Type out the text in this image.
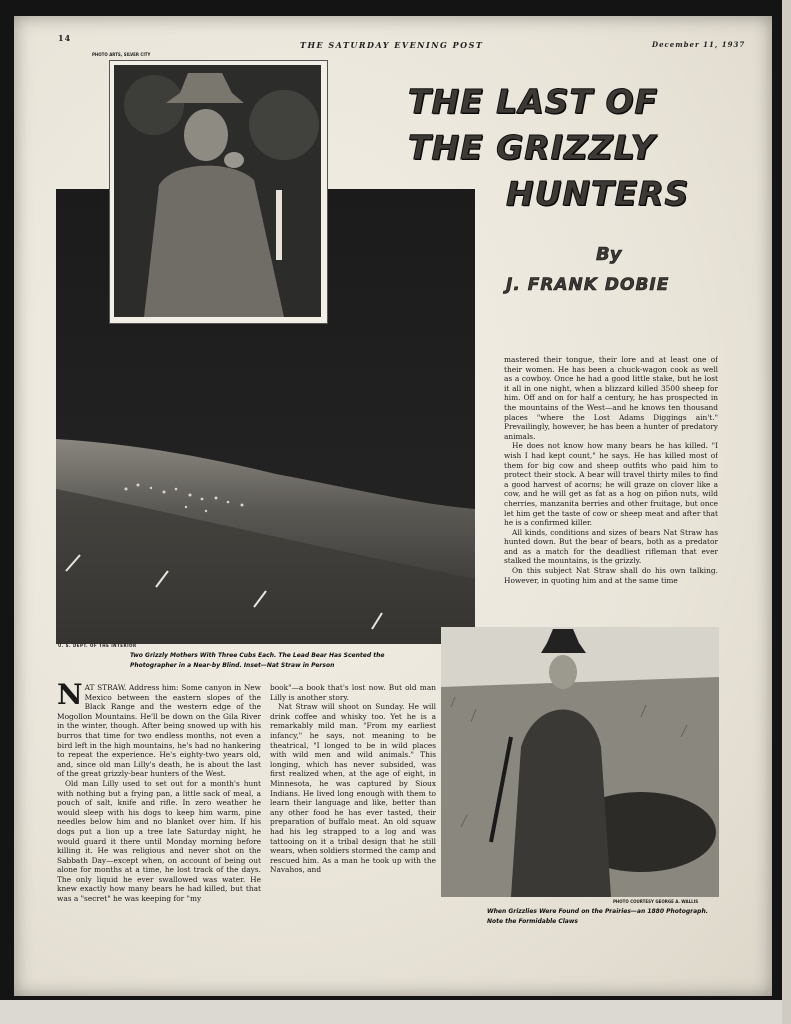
14
THE SATURDAY EVENING POST	December 11, 1937
PHOTO ARTS, SILVER CITY
U. S. DEPT. OF THE INTERIOR
Two Grizzly Mothers With Three Cubs Each. The Lead Bear Has Scented the Photographer in a Near-by Blind. Inset—Nat Straw in Person
THE LAST OF
THE GRIZZLY
HUNTERS
By
J. FRANK DOBIE

mastered their tongue, their lore and at least one of their women. He has been a chuck-wagon cook as well as a cowboy. Once he had a good little stake, but he lost it all in one night, when a blizzard killed 3500 sheep for him. Off and on for half a century, he has prospected in the mountains of the West—and he knows ten thousand places "where the Lost Adams Diggings ain't." Prevailingly, however, he has been a hunter of predatory animals.

He does not know how many bears he has killed. "I wish I had kept count," he says. He has killed most of them for big cow and sheep outfits who paid him to protect their stock. A bear will travel thirty miles to find a good harvest of acorns; he will graze on clover like a cow, and he will get as fat as a hog on piñon nuts, wild cherries, manzanita berries and other fruitage, but once let him get the taste of cow or sheep meat and after that he is a confirmed killer.

All kinds, conditions and sizes of bears Nat Straw has hunted down. But the bear of bears, both as a predator and as a match for the deadliest rifleman that ever stalked the mountains, is the grizzly.

On this subject Nat Straw shall do his own talking. However, in quoting him and at the same time

PHOTO COURTESY GEORGE A. WALLIS
When Grizzlies Were Found on the Prairies—an 1880 Photograph. Note the Formidable Claws

NAT STRAW. Address him: Some canyon in New Mexico between the eastern slopes of the Black Range and the western edge of the Mogollon Mountains. He'll be down on the Gila River in the winter, though. After being snowed up with his burros that time for two endless months, not even a bird left in the high mountains, he's had no hankering to repeat the experience. He's eighty-two years old, and, since old man Lilly's death, he is about the last of the great grizzly-bear hunters of the West.

Old man Lilly used to set out for a month's hunt with nothing but a frying pan, a little sack of meal, a pouch of salt, knife and rifle. In zero weather he would sleep with his dogs to keep him warm, pine needles below him and no blanket over him. If his dogs put a lion up a tree late Saturday night, he would guard it there until Monday morning before killing it. He was religious and never shot on the Sabbath Day—except when, on account of being out alone for months at a time, he lost track of the days. The only liquid he ever swallowed was water. He knew exactly how many bears he had killed, but that was a "secret" he was keeping for "my

book"—a book that's lost now. But old man Lilly is another story.

Nat Straw will shoot on Sunday. He will drink coffee and whisky too. Yet he is a remarkably mild man. "From my earliest infancy," he says, not meaning to be theatrical, "I longed to be in wild places with wild men and wild animals." This longing, which has never subsided, was first realized when, at the age of eight, in Minnesota, he was captured by Sioux Indians. He lived long enough with them to learn their language and like, better than any other food he has ever tasted, their preparation of buffalo meat. An old squaw had his leg strapped to a log and was tattooing on it a tribal design that he still wears, when soldiers stormed the camp and rescued him. As a man he took up with the Navahos, and
